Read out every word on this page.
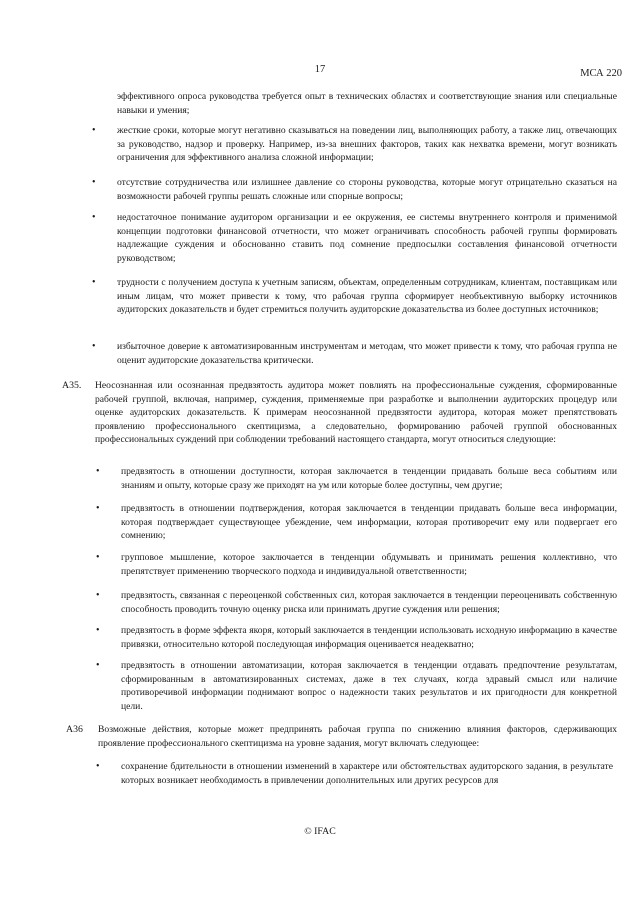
17	МСА 220

эффективного опроса руководства требуется опыт в технических областях и соответствующие знания или специальные навыки и умения;

• жесткие сроки, которые могут негативно сказываться на поведении лиц, выполняющих работу, а также лиц, отвечающих за руководство, надзор и проверку. Например, из-за внешних факторов, таких как нехватка времени, могут возникать ограничения для эффективного анализа сложной информации;

• отсутствие сотрудничества или излишнее давление со стороны руководства, которые могут отрицательно сказаться на возможности рабочей группы решать сложные или спорные вопросы;

• недостаточное понимание аудитором организации и ее окружения, ее системы внутреннего контроля и применимой концепции подготовки финансовой отчетности, что может ограничивать способность рабочей группы формировать надлежащие суждения и обоснованно ставить под сомнение предпосылки составления финансовой отчетности руководством;

• трудности с получением доступа к учетным записям, объектам, определенным сотрудникам, клиентам, поставщикам или иным лицам, что может привести к тому, что рабочая группа сформирует необъективную выборку источников аудиторских доказательств и будет стремиться получить аудиторские доказательства из более доступных источников;

• избыточное доверие к автоматизированным инструментам и методам, что может привести к тому, что рабочая группа не оценит аудиторские доказательства критически.

A35. Неосознанная или осознанная предвзятость аудитора может повлиять на профессиональные суждения, сформированные рабочей группой, включая, например, суждения, применяемые при разработке и выполнении аудиторских процедур или оценке аудиторских доказательств. К примерам неосознанной предвзятости аудитора, которая может препятствовать проявлению профессионального скептицизма, а следовательно, формированию рабочей группой обоснованных профессиональных суждений при соблюдении требований настоящего стандарта, могут относиться следующие:

• предвзятость в отношении доступности, которая заключается в тенденции придавать больше веса событиям или знаниям и опыту, которые сразу же приходят на ум или которые более доступны, чем другие;

• предвзятость в отношении подтверждения, которая заключается в тенденции придавать больше веса информации, которая подтверждает существующее убеждение, чем информации, которая противоречит ему или подвергает его сомнению;

• групповое мышление, которое заключается в тенденции обдумывать и принимать решения коллективно, что препятствует применению творческого подхода и индивидуальной ответственности;

• предвзятость, связанная с переоценкой собственных сил, которая заключается в тенденции переоценивать собственную способность проводить точную оценку риска или принимать другие суждения или решения;

• предвзятость в форме эффекта якоря, который заключается в тенденции использовать исходную информацию в качестве привязки, относительно которой последующая информация оценивается неадекватно;

• предвзятость в отношении автоматизации, которая заключается в тенденции отдавать предпочтение результатам, сформированным в автоматизированных системах, даже в тех случаях, когда здравый смысл или наличие противоречивой информации поднимают вопрос о надежности таких результатов и их пригодности для конкретной цели.

A36 Возможные действия, которые может предпринять рабочая группа по снижению влияния факторов, сдерживающих проявление профессионального скептицизма на уровне задания, могут включать следующее:

• сохранение бдительности в отношении изменений в характере или обстоятельствах аудиторского задания, в результате которых возникает необходимость в привлечении дополнительных или других ресурсов для

© IFAC
